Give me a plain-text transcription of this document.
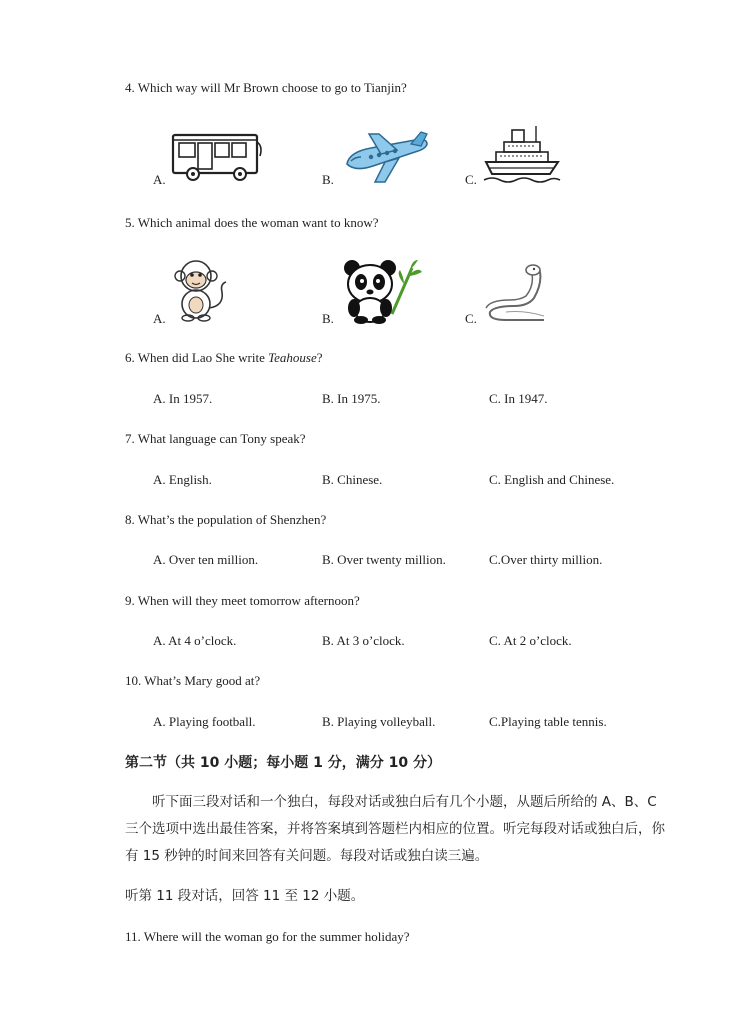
4. Which way will Mr Brown choose to go to Tianjin?
A.	B.	C.
5. Which animal does the woman want to know?
A.	B.	C.
6. When did Lao She write Teahouse?
A. In 1957.	B. In 1975.	C. In 1947.
7. What language can Tony speak?
A. English.	B. Chinese.	C. English and Chinese.
8. What’s the population of Shenzhen?
A. Over ten million.	B. Over twenty million.	C.Over thirty million.
9. When will they meet tomorrow afternoon?
A. At 4 o’clock.	B. At 3 o’clock.	C. At 2 o’clock.
10. What’s Mary good at?
A. Playing football.	B. Playing volleyball.	C.Playing table tennis.
第二节（共 10 小题；每小题 1 分，满分 10 分）
听下面三段对话和一个独白，每段对话或独白后有几个小题，从题后所给的 A、B、C
三个选项中选出最佳答案，并将答案填到答题栏内相应的位置。听完每段对话或独白后，你
有 15 秒钟的时间来回答有关问题。每段对话或独白读三遍。
听第 11 段对话，回答 11 至 12 小题。
11. Where will the woman go for the summer holiday?
